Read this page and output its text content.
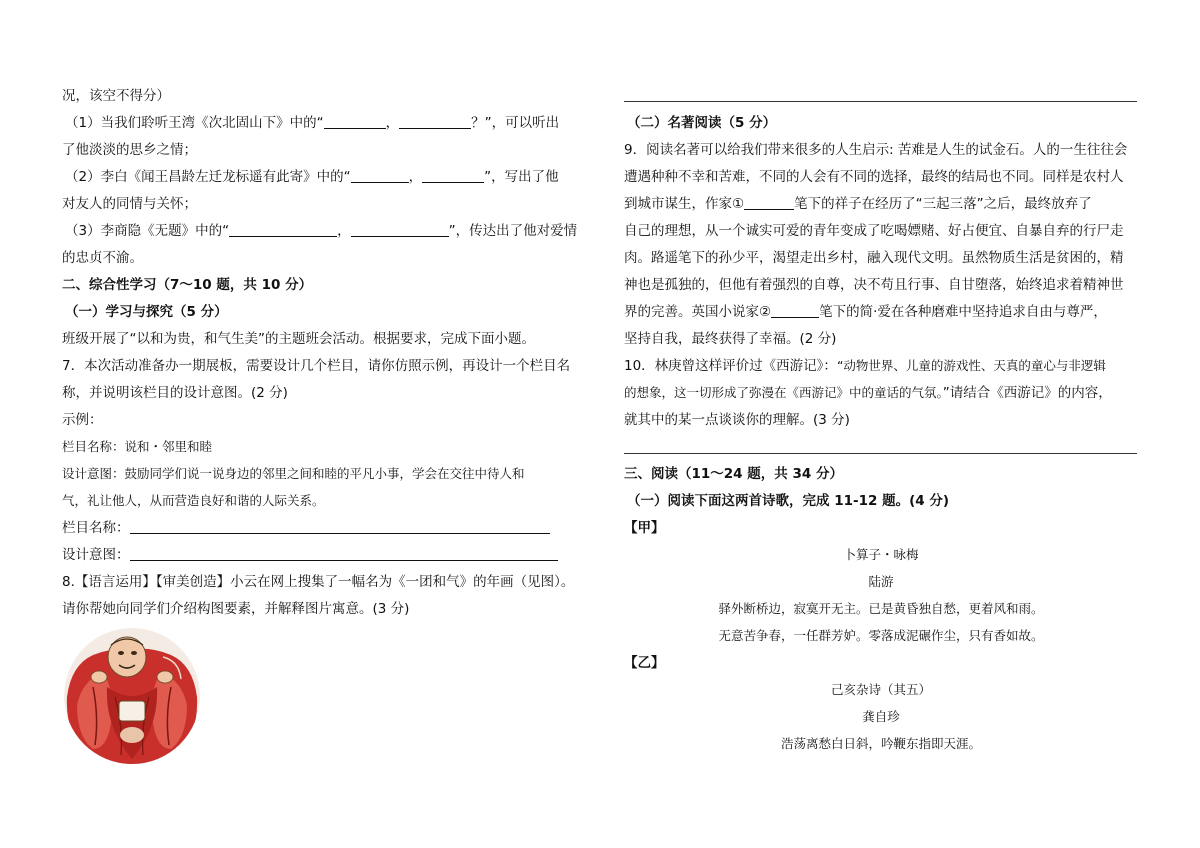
况，该空不得分）
（1）当我们聆听王湾《次北固山下》中的“	，	？”，可以听出
了他淡淡的思乡之情；
（2）李白《闻王昌龄左迁龙标遥有此寄》中的“	，	”，写出了他
对友人的同情与关怀；
（3）李商隐《无题》中的“	，	”，传达出了他对爱情
的忠贞不渝。
二、综合性学习（7～10 题，共 10 分）
（一）学习与探究（5 分）
班级开展了“以和为贵，和气生美”的主题班会活动。根据要求，完成下面小题。
7．本次活动准备办一期展板，需要设计几个栏目，请你仿照示例，再设计一个栏目名
称，并说明该栏目的设计意图。(2 分)
示例：
栏目名称：说和・邻里和睦
设计意图：鼓励同学们说一说身边的邻里之间和睦的平凡小事，学会在交往中待人和
气，礼让他人，从而营造良好和谐的人际关系。
栏目名称：
设计意图：
8.【语言运用】【审美创造】小云在网上搜集了一幅名为《一团和气》的年画（见图）。
请你帮她向同学们介绍构图要素，并解释图片寓意。(3 分)
（二）名著阅读（5 分）
9．阅读名著可以给我们带来很多的人生启示: 苦难是人生的试金石。人的一生往往会
遭遇种种不幸和苦难，不同的人会有不同的选择，最终的结局也不同。同样是农村人
到城市谋生，作家①	笔下的祥子在经历了“三起三落”之后，最终放弃了
自己的理想，从一个诚实可爱的青年变成了吃喝嫖赌、好占便宜、自暴自弃的行尸走
肉。路遥笔下的孙少平，渴望走出乡村，融入现代文明。虽然物质生活是贫困的，精
神也是孤独的，但他有着强烈的自尊，决不苟且行事、自甘堕落，始终追求着精神世
界的完善。英国小说家②	笔下的简·爱在各种磨难中坚持追求自由与尊严，
坚持自我，最终获得了幸福。(2 分)
10．林庚曾这样评价过《西游记》：“动物世界、儿童的游戏性、天真的童心与非逻辑
的想象，这一切形成了弥漫在《西游记》中的童话的气氛。”请结合《西游记》的内容，
就其中的某一点谈谈你的理解。(3 分)
三、阅读（11～24 题，共 34 分）
（一）阅读下面这两首诗歌，完成 11-12 题。(4 分)
【甲】
卜算子・咏梅
陆游
驿外断桥边，寂寞开无主。已是黄昏独自愁，更着风和雨。
无意苦争春，一任群芳妒。零落成泥碾作尘，只有香如故。
【乙】
己亥杂诗（其五）
龚自珍
浩荡离愁白日斜，吟鞭东指即天涯。
